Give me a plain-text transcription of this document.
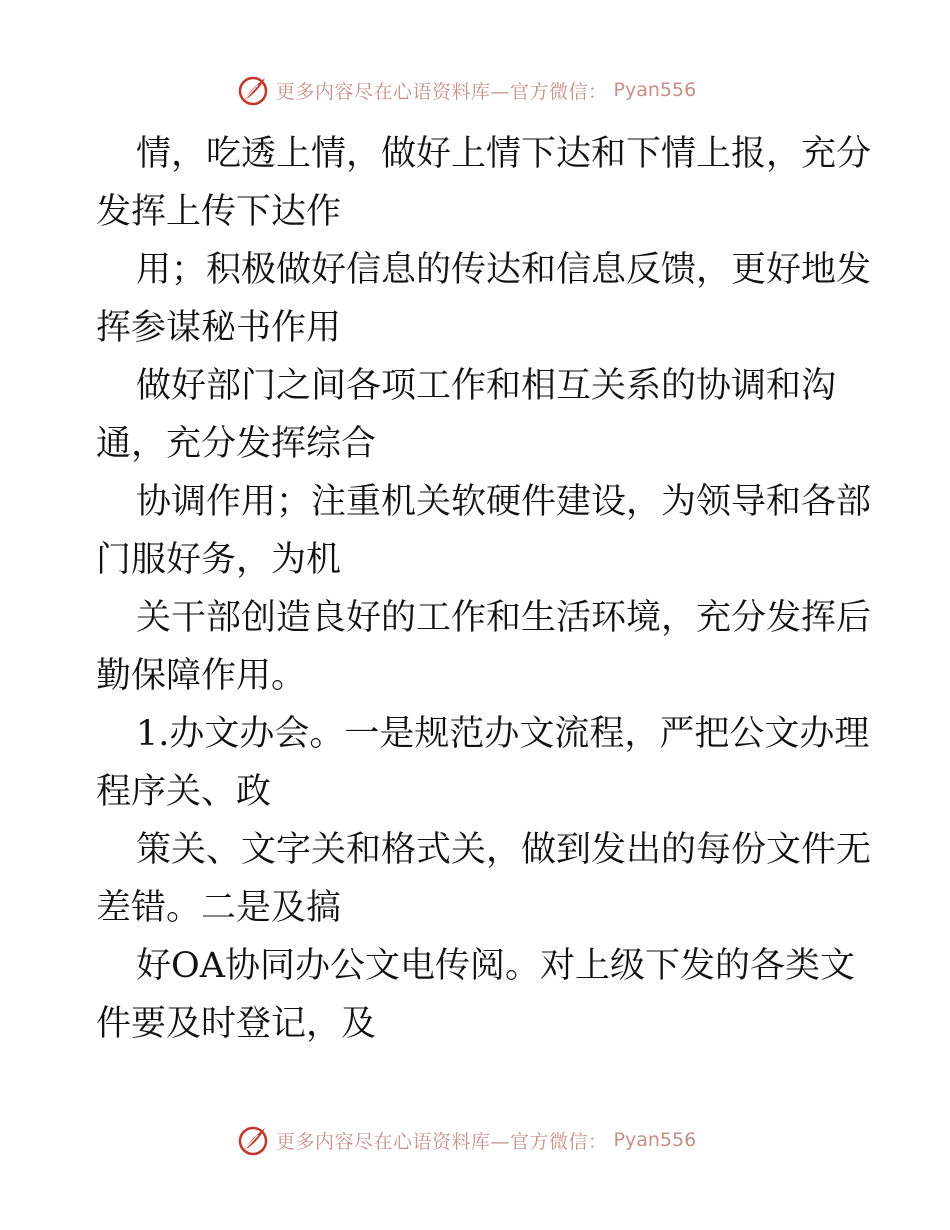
更多内容尽在心语资料库—官方微信： Pyan556
情，吃透上情，做好上情下达和下情上报，充分
发挥上传下达作
用；积极做好信息的传达和信息反馈，更好地发
挥参谋秘书作用
做好部门之间各项工作和相互关系的协调和沟
通，充分发挥综合
协调作用；注重机关软硬件建设，为领导和各部
门服好务，为机
关干部创造良好的工作和生活环境，充分发挥后
勤保障作用。
1.办文办会。一是规范办文流程，严把公文办理
程序关、政
策关、文字关和格式关，做到发出的每份文件无
差错。二是及搞
好OA协同办公文电传阅。对上级下发的各类文
件要及时登记，及
更多内容尽在心语资料库—官方微信： Pyan556
